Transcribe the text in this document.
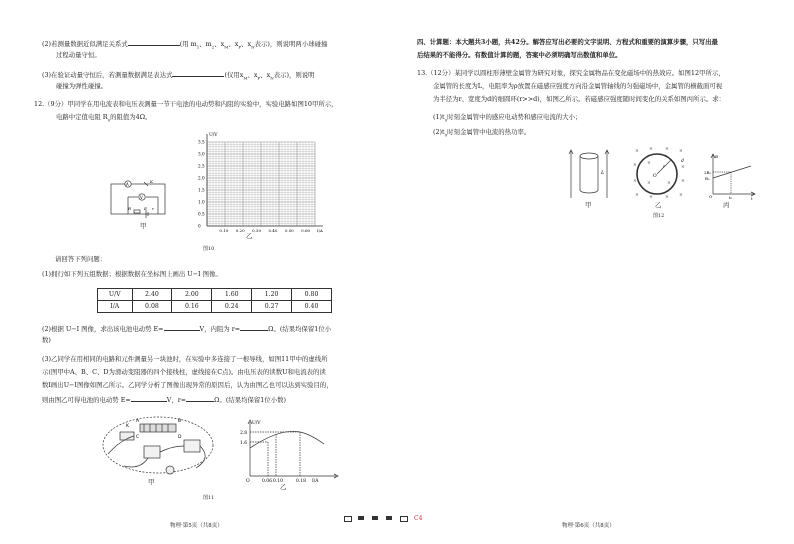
(2)若测量数据近似满足关系式	(用 $m_1$、$m_2$、$x_M$、$x_P$、$x_N$表示)，则说明两小球碰撞
过程动量守恒。
(3)在验证动量守恒后，若测量数据满足表达式	(仅用$x_M$、$x_P$、$x_N$表示)，则说明
碰撞为弹性碰撞。
12.（9分）甲同学在用电流表和电压表测量一节干电池的电动势和内阻的实验中，实验电路如图10甲所示，
电路中定值电阻 $R_0$的阻值为4Ω。
A
V
K
R	E r
甲
U/V
3.5
3.0
2.5
2.0
1.5
1.0
0.5
0
0.10 0.20 0.30 0.40 0.50 0.60 I/A
乙
图10
请回答下列问题：
(1)拥行如下列五组数据；根据数据在坐标图上画出 U−I 图像。
U/V	2.40	2.00	1.60	1.20	0.80
I/A	0.08	0.16	0.24	0.27	0.40
(2)根据 U−I 图像，求出该电池电动势 E=	V，内阻为 r=	Ω。(结果均保留1位小
数)
(3)乙同学在用相同的电路和元件测量另一块池时，在实验中多连接了一根导线，如图11甲中的虚线所
示(图甲中A、B、C、D为滑动变阻器的四个接线柱，虚线接在C点)。由电压表的读数U和电流表的读
数I画出U−I图像如图乙所示。乙同学分析了图像出现异常的原因后，认为由图乙也可以达到实验目的，
则由图乙可得电池的电动势 E=	V，r=	Ω。(结果均保留1位小数)
K
A	B
C	D
甲
U/V
2.8
1.6
O	0.06 0.10	0.18 I/A
乙
图11
物理·第5页（共8页）
C4
四、计算题：本大题共3小题，共42分。解答应写出必要的文字说明、方程式和重要的演算步骤，只写出最
后结果的不能得分。有数值计算的题，答案中必须明确写出数值和单位。
13.（12分）某同学以圆柱形薄壁金属管为研究对象，探究金属物品在变化磁场中的热效应。如图12甲所示，
金属管的长度为L，电阻率为ρ放置在磁感应强度方向沿金属管轴线的匀强磁场中，金属管的横截面可视
为半径为r、宽度为d的细圆环(r>>d)，如图乙所示。若磁感应强度随时间变化的关系如图丙所示。求：
$(1)t_0$时刻金属管中的感应电动势和感应电流的大小；
$(2)t_0$时刻金属管中电流的热功率。
L
甲
O
r
d
× ×	× ×
×
×
× ×	× ×
×
×
×
×
×
乙
B
2B₀
B₀
O	t₀	t
丙
图12
物理·第6页（共8页）
